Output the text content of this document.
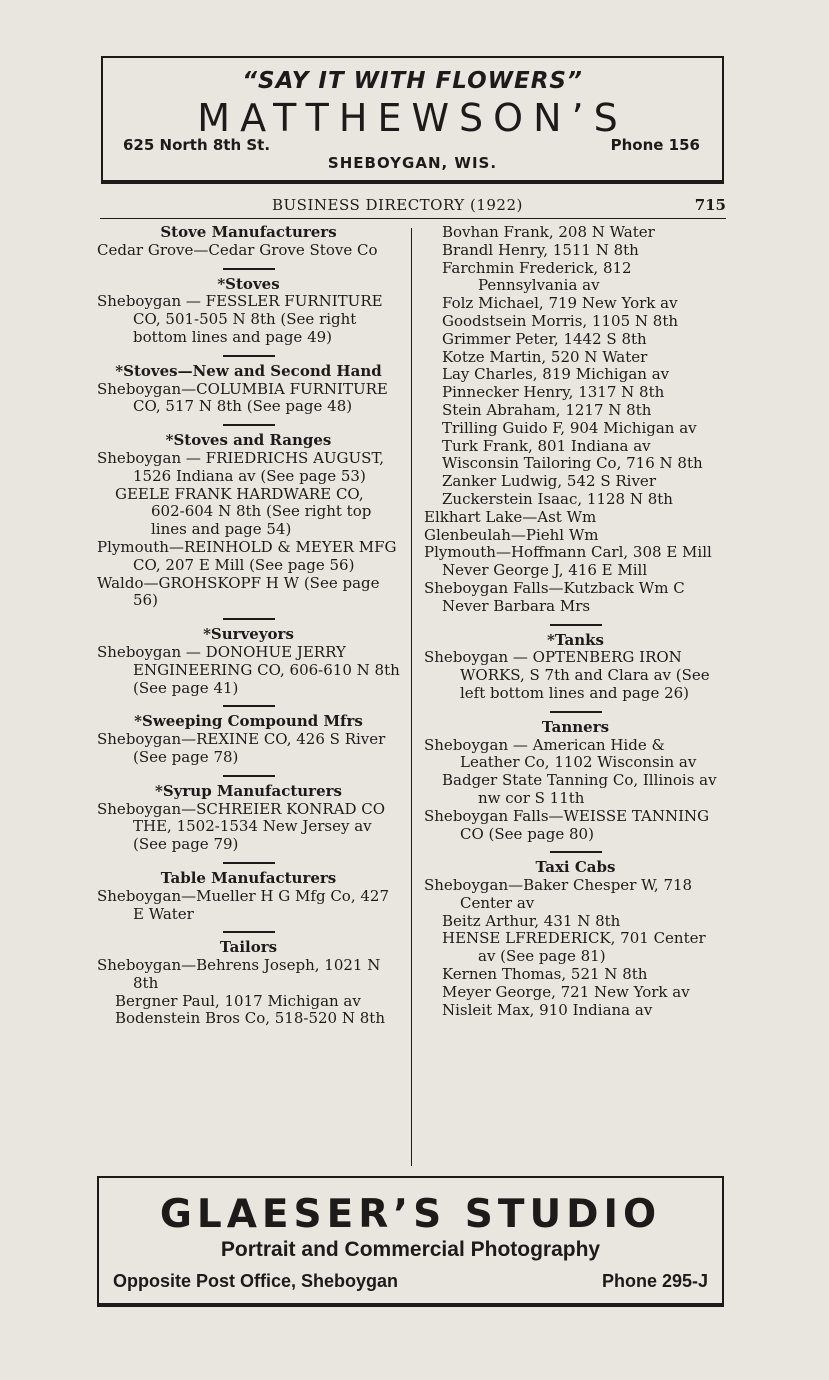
“SAY IT WITH FLOWERS”
MATTHEWSON’S
625 North 8th St.	Phone 156
SHEBOYGAN, WIS.
BUSINESS DIRECTORY (1922)	715
Stove Manufacturers
Cedar Grove—Cedar Grove Stove Co
*Stoves
Sheboygan — FESSLER FURNITURE CO, 501-505 N 8th (See right bottom lines and page 49)
*Stoves—New and Second Hand
Sheboygan—COLUMBIA FURNITURE CO, 517 N 8th (See page 48)
*Stoves and Ranges
Sheboygan — FRIEDRICHS AUGUST, 1526 Indiana av (See page 53)
GEELE FRANK HARDWARE CO, 602-604 N 8th (See right top lines and page 54)
Plymouth—REINHOLD & MEYER MFG CO, 207 E Mill (See page 56)
Waldo—GROHSKOPF H W (See page 56)
*Surveyors
Sheboygan — DONOHUE JERRY ENGINEERING CO, 606-610 N 8th (See page 41)
*Sweeping Compound Mfrs
Sheboygan—REXINE CO, 426 S River (See page 78)
*Syrup Manufacturers
Sheboygan—SCHREIER KONRAD CO THE, 1502-1534 New Jersey av (See page 79)
Table Manufacturers
Sheboygan—Mueller H G Mfg Co, 427 E Water
Tailors
Sheboygan—Behrens Joseph, 1021 N 8th
Bergner Paul, 1017 Michigan av
Bodenstein Bros Co, 518-520 N 8th
Bovhan Frank, 208 N Water
Brandl Henry, 1511 N 8th
Farchmin Frederick, 812 Pennsylvania av
Folz Michael, 719 New York av
Goodstsein Morris, 1105 N 8th
Grimmer Peter, 1442 S 8th
Kotze Martin, 520 N Water
Lay Charles, 819 Michigan av
Pinnecker Henry, 1317 N 8th
Stein Abraham, 1217 N 8th
Trilling Guido F, 904 Michigan av
Turk Frank, 801 Indiana av
Wisconsin Tailoring Co, 716 N 8th
Zanker Ludwig, 542 S River
Zuckerstein Isaac, 1128 N 8th
Elkhart Lake—Ast Wm
Glenbeulah—Piehl Wm
Plymouth—Hoffmann Carl, 308 E Mill
Never George J, 416 E Mill
Sheboygan Falls—Kutzback Wm C
Never Barbara Mrs
*Tanks
Sheboygan — OPTENBERG IRON WORKS, S 7th and Clara av (See left bottom lines and page 26)
Tanners
Sheboygan — American Hide & Leather Co, 1102 Wisconsin av
Badger State Tanning Co, Illinois av nw cor S 11th
Sheboygan Falls—WEISSE TANNING CO (See page 80)
Taxi Cabs
Sheboygan—Baker Chesper W, 718 Center av
Beitz Arthur, 431 N 8th
HENSE LFREDERICK, 701 Center av (See page 81)
Kernen Thomas, 521 N 8th
Meyer George, 721 New York av
Nisleit Max, 910 Indiana av
GLAESER’S STUDIO
Portrait and Commercial Photography
Opposite Post Office, Sheboygan	Phone 295-J
